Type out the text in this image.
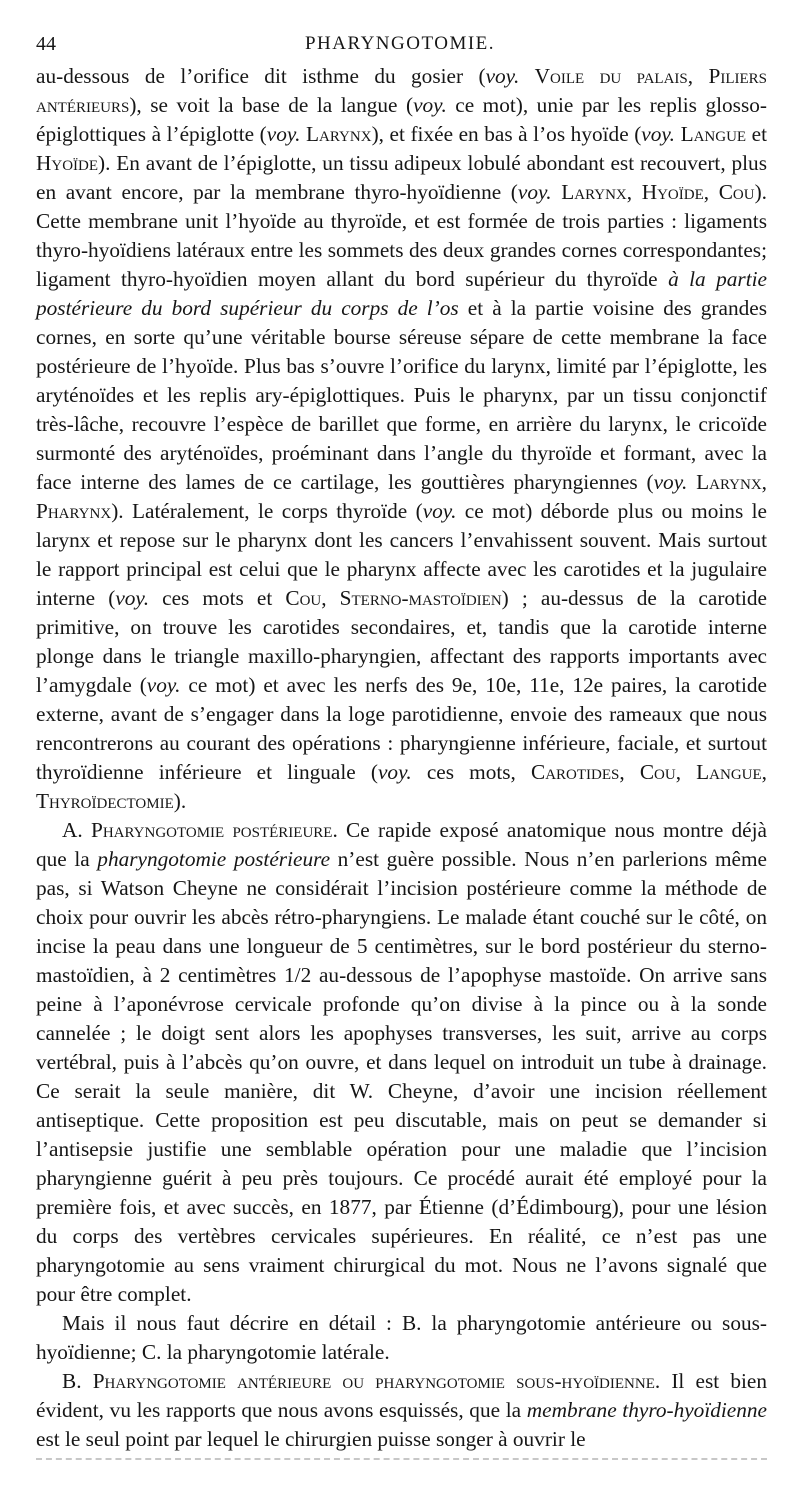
44	PHARYNGOTOMIE.

au-dessous de l’orifice dit isthme du gosier (voy. Voile du palais, Piliers antérieurs), se voit la base de la langue (voy. ce mot), unie par les replis glosso-épiglottiques à l’épiglotte (voy. Larynx), et fixée en bas à l’os hyoïde (voy. Langue et Hyoïde). En avant de l’épiglotte, un tissu adipeux lobulé abondant est recouvert, plus en avant encore, par la membrane thyro-hyoïdienne (voy. Larynx, Hyoïde, Cou). Cette membrane unit l’hyoïde au thyroïde, et est formée de trois parties : ligaments thyro-hyoïdiens latéraux entre les sommets des deux grandes cornes correspondantes; ligament thyro-hyoïdien moyen allant du bord supérieur du thyroïde à la partie postérieure du bord supérieur du corps de l’os et à la partie voisine des grandes cornes, en sorte qu’une véritable bourse séreuse sépare de cette membrane la face postérieure de l’hyoïde. Plus bas s’ouvre l’orifice du larynx, limité par l’épiglotte, les aryténoïdes et les replis ary-épiglottiques. Puis le pharynx, par un tissu conjonctif très-lâche, recouvre l’espèce de barillet que forme, en arrière du larynx, le cricoïde surmonté des aryténoïdes, proéminant dans l’angle du thyroïde et formant, avec la face interne des lames de ce cartilage, les gouttières pharyngiennes (voy. Larynx, Pharynx). Latéralement, le corps thyroïde (voy. ce mot) déborde plus ou moins le larynx et repose sur le pharynx dont les cancers l’envahissent souvent. Mais surtout le rapport principal est celui que le pharynx affecte avec les carotides et la jugulaire interne (voy. ces mots et Cou, Sterno-mastoïdien) ; au-dessus de la carotide primitive, on trouve les carotides secondaires, et, tandis que la carotide interne plonge dans le triangle maxillo-pharyngien, affectant des rapports importants avec l’amygdale (voy. ce mot) et avec les nerfs des 9e, 10e, 11e, 12e paires, la carotide externe, avant de s’engager dans la loge parotidienne, envoie des rameaux que nous rencontrerons au courant des opérations : pharyngienne inférieure, faciale, et surtout thyroïdienne inférieure et linguale (voy. ces mots, Carotides, Cou, Langue, Thyroïdectomie).

A. Pharyngotomie postérieure. Ce rapide exposé anatomique nous montre déjà que la pharyngotomie postérieure n’est guère possible. Nous n’en parlerions même pas, si Watson Cheyne ne considérait l’incision postérieure comme la méthode de choix pour ouvrir les abcès rétro-pharyngiens. Le malade étant couché sur le côté, on incise la peau dans une longueur de 5 centimètres, sur le bord postérieur du sterno-mastoïdien, à 2 centimètres 1/2 au-dessous de l’apophyse mastoïde. On arrive sans peine à l’aponévrose cervicale profonde qu’on divise à la pince ou à la sonde cannelée ; le doigt sent alors les apophyses transverses, les suit, arrive au corps vertébral, puis à l’abcès qu’on ouvre, et dans lequel on introduit un tube à drainage. Ce serait la seule manière, dit W. Cheyne, d’avoir une incision réellement antiseptique. Cette proposition est peu discutable, mais on peut se demander si l’antisepsie justifie une semblable opération pour une maladie que l’incision pharyngienne guérit à peu près toujours. Ce procédé aurait été employé pour la première fois, et avec succès, en 1877, par Étienne (d’Édimbourg), pour une lésion du corps des vertèbres cervicales supérieures. En réalité, ce n’est pas une pharyngotomie au sens vraiment chirurgical du mot. Nous ne l’avons signalé que pour être complet.

Mais il nous faut décrire en détail : B. la pharyngotomie antérieure ou sous-hyoïdienne; C. la pharyngotomie latérale.

B. Pharyngotomie antérieure ou pharyngotomie sous-hyoïdienne. Il est bien évident, vu les rapports que nous avons esquissés, que la membrane thyro-hyoïdienne est le seul point par lequel le chirurgien puisse songer à ouvrir le
